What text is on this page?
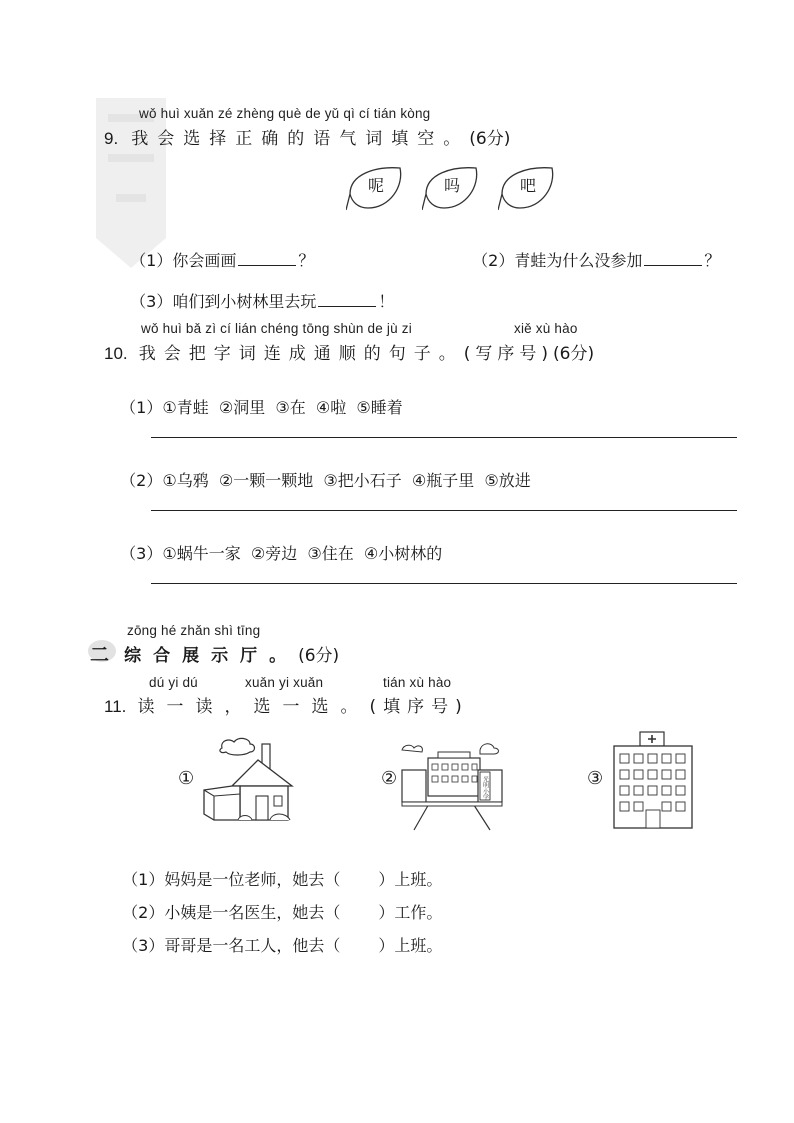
wǒ huì xuǎn zé zhèng què de yǔ qì cí tián kòng
9. 我会选择正确的语气词填空。(6分)
呢	吗	吧

（1）你会画画	？	（2）青蛙为什么没参加	？

（3）咱们到小树林里去玩	！

wǒ huì bǎ zì cí lián chéng tōng shùn de jù zi	xiě xù hào
10. 我会把字词连成通顺的句子。(写序号)(6分)

（1）①青蛙  ②洞里  ③在  ④啦  ⑤睡着

（2）①乌鸦  ②一颗一颗地  ③把小石子  ④瓶子里  ⑤放进

（3）①蜗牛一家  ②旁边  ③住在  ④小树林的

zōng hé zhǎn shì tīng
二 综合展示厅。(6分)
dú yi dú	xuǎn yi xuǎn	tián xù hào
11. 读一读，选一选。(填序号)
①	②	光明小学	③

（1）妈妈是一位老师，她去（ ）上班。

（2）小姨是一名医生，她去（ ）工作。

（3）哥哥是一名工人，他去（ ）上班。
